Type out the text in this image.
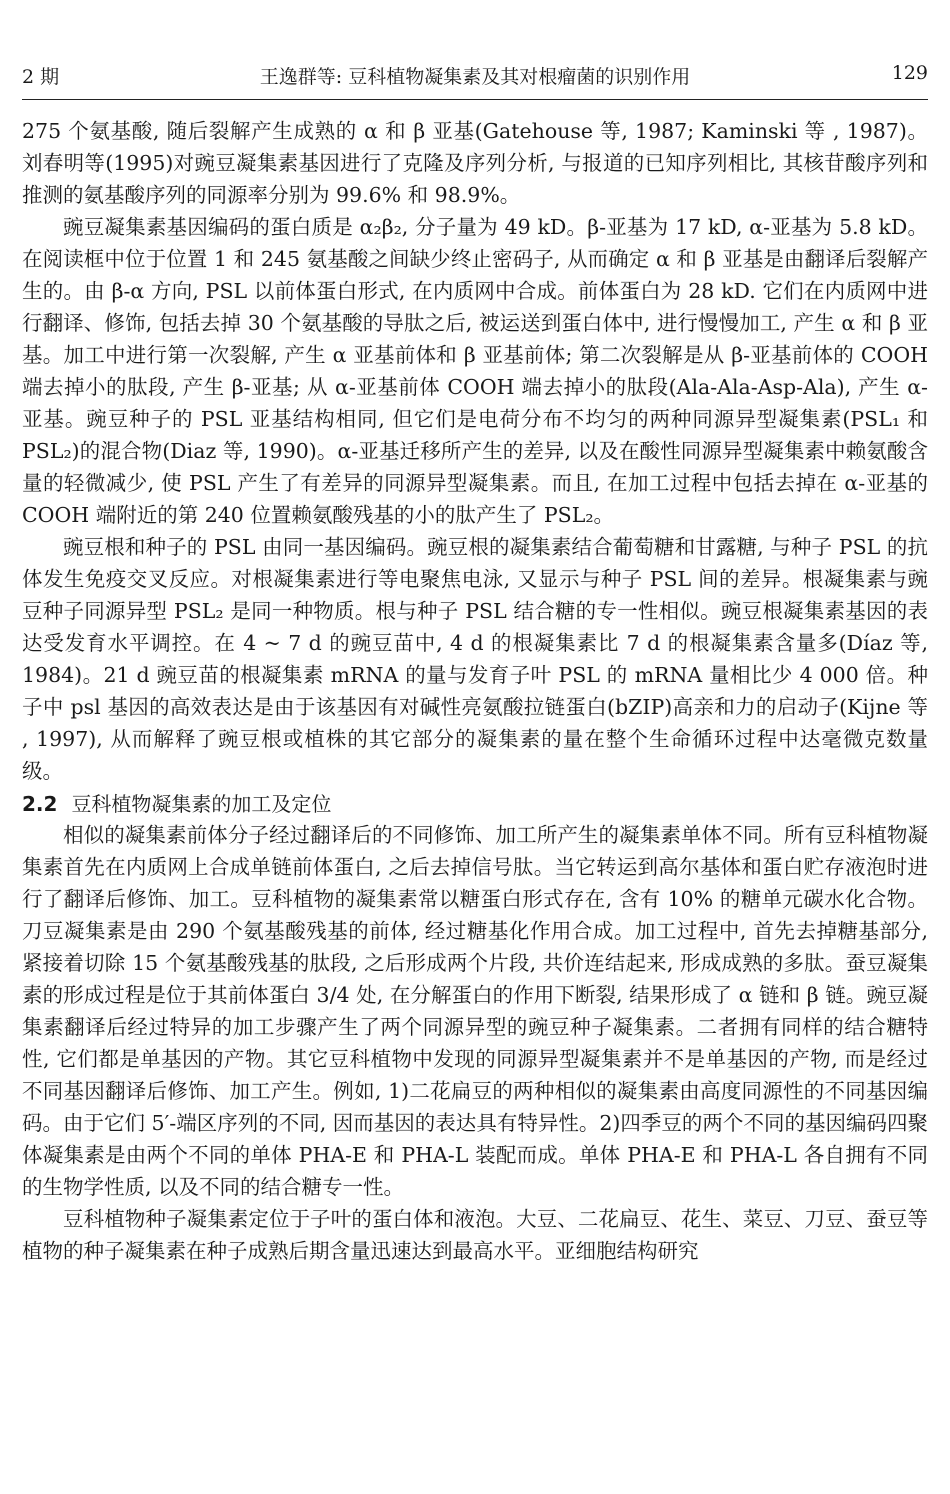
2 期	王逸群等: 豆科植物凝集素及其对根瘤菌的识别作用	129

275 个氨基酸, 随后裂解产生成熟的 α 和 β 亚基(Gatehouse 等, 1987; Kaminski 等 , 1987)。刘春明等(1995)对豌豆凝集素基因进行了克隆及序列分析, 与报道的已知序列相比, 其核苷酸序列和推测的氨基酸序列的同源率分别为 99.6% 和 98.9%。

豌豆凝集素基因编码的蛋白质是 α₂β₂, 分子量为 49 kD。β-亚基为 17 kD, α-亚基为 5.8 kD。在阅读框中位于位置 1 和 245 氨基酸之间缺少终止密码子, 从而确定 α 和 β 亚基是由翻译后裂解产生的。由 β-α 方向, PSL 以前体蛋白形式, 在内质网中合成。前体蛋白为 28 kD. 它们在内质网中进行翻译、修饰, 包括去掉 30 个氨基酸的导肽之后, 被运送到蛋白体中, 进行慢慢加工, 产生 α 和 β 亚基。加工中进行第一次裂解, 产生 α 亚基前体和 β 亚基前体; 第二次裂解是从 β-亚基前体的 COOH 端去掉小的肽段, 产生 β-亚基; 从 α-亚基前体 COOH 端去掉小的肽段(Ala-Ala-Asp-Ala), 产生 α-亚基。豌豆种子的 PSL 亚基结构相同, 但它们是电荷分布不均匀的两种同源异型凝集素(PSL₁ 和 PSL₂)的混合物(Diaz 等, 1990)。α-亚基迁移所产生的差异, 以及在酸性同源异型凝集素中赖氨酸含量的轻微减少, 使 PSL 产生了有差异的同源异型凝集素。而且, 在加工过程中包括去掉在 α-亚基的 COOH 端附近的第 240 位置赖氨酸残基的小的肽产生了 PSL₂。

豌豆根和种子的 PSL 由同一基因编码。豌豆根的凝集素结合葡萄糖和甘露糖, 与种子 PSL 的抗体发生免疫交叉反应。对根凝集素进行等电聚焦电泳, 又显示与种子 PSL 间的差异。根凝集素与豌豆种子同源异型 PSL₂ 是同一种物质。根与种子 PSL 结合糖的专一性相似。豌豆根凝集素基因的表达受发育水平调控。在 4 ~ 7 d 的豌豆苗中, 4 d 的根凝集素比 7 d 的根凝集素含量多(Díaz 等, 1984)。21 d 豌豆苗的根凝集素 mRNA 的量与发育子叶 PSL 的 mRNA 量相比少 4 000 倍。种子中 psl 基因的高效表达是由于该基因有对碱性亮氨酸拉链蛋白(bZIP)高亲和力的启动子(Kijne 等 , 1997), 从而解释了豌豆根或植株的其它部分的凝集素的量在整个生命循环过程中达毫微克数量级。

2.2 豆科植物凝集素的加工及定位

相似的凝集素前体分子经过翻译后的不同修饰、加工所产生的凝集素单体不同。所有豆科植物凝集素首先在内质网上合成单链前体蛋白, 之后去掉信号肽。当它转运到高尔基体和蛋白贮存液泡时进行了翻译后修饰、加工。豆科植物的凝集素常以糖蛋白形式存在, 含有 10% 的糖单元碳水化合物。刀豆凝集素是由 290 个氨基酸残基的前体, 经过糖基化作用合成。加工过程中, 首先去掉糖基部分, 紧接着切除 15 个氨基酸残基的肽段, 之后形成两个片段, 共价连结起来, 形成成熟的多肽。蚕豆凝集素的形成过程是位于其前体蛋白 3/4 处, 在分解蛋白的作用下断裂, 结果形成了 α 链和 β 链。豌豆凝集素翻译后经过特异的加工步骤产生了两个同源异型的豌豆种子凝集素。二者拥有同样的结合糖特性, 它们都是单基因的产物。其它豆科植物中发现的同源异型凝集素并不是单基因的产物, 而是经过不同基因翻译后修饰、加工产生。例如, 1)二花扁豆的两种相似的凝集素由高度同源性的不同基因编码。由于它们 5′-端区序列的不同, 因而基因的表达具有特异性。2)四季豆的两个不同的基因编码四聚体凝集素是由两个不同的单体 PHA-E 和 PHA-L 装配而成。单体 PHA-E 和 PHA-L 各自拥有不同的生物学性质, 以及不同的结合糖专一性。

豆科植物种子凝集素定位于子叶的蛋白体和液泡。大豆、二花扁豆、花生、菜豆、刀豆、蚕豆等植物的种子凝集素在种子成熟后期含量迅速达到最高水平。亚细胞结构研究
